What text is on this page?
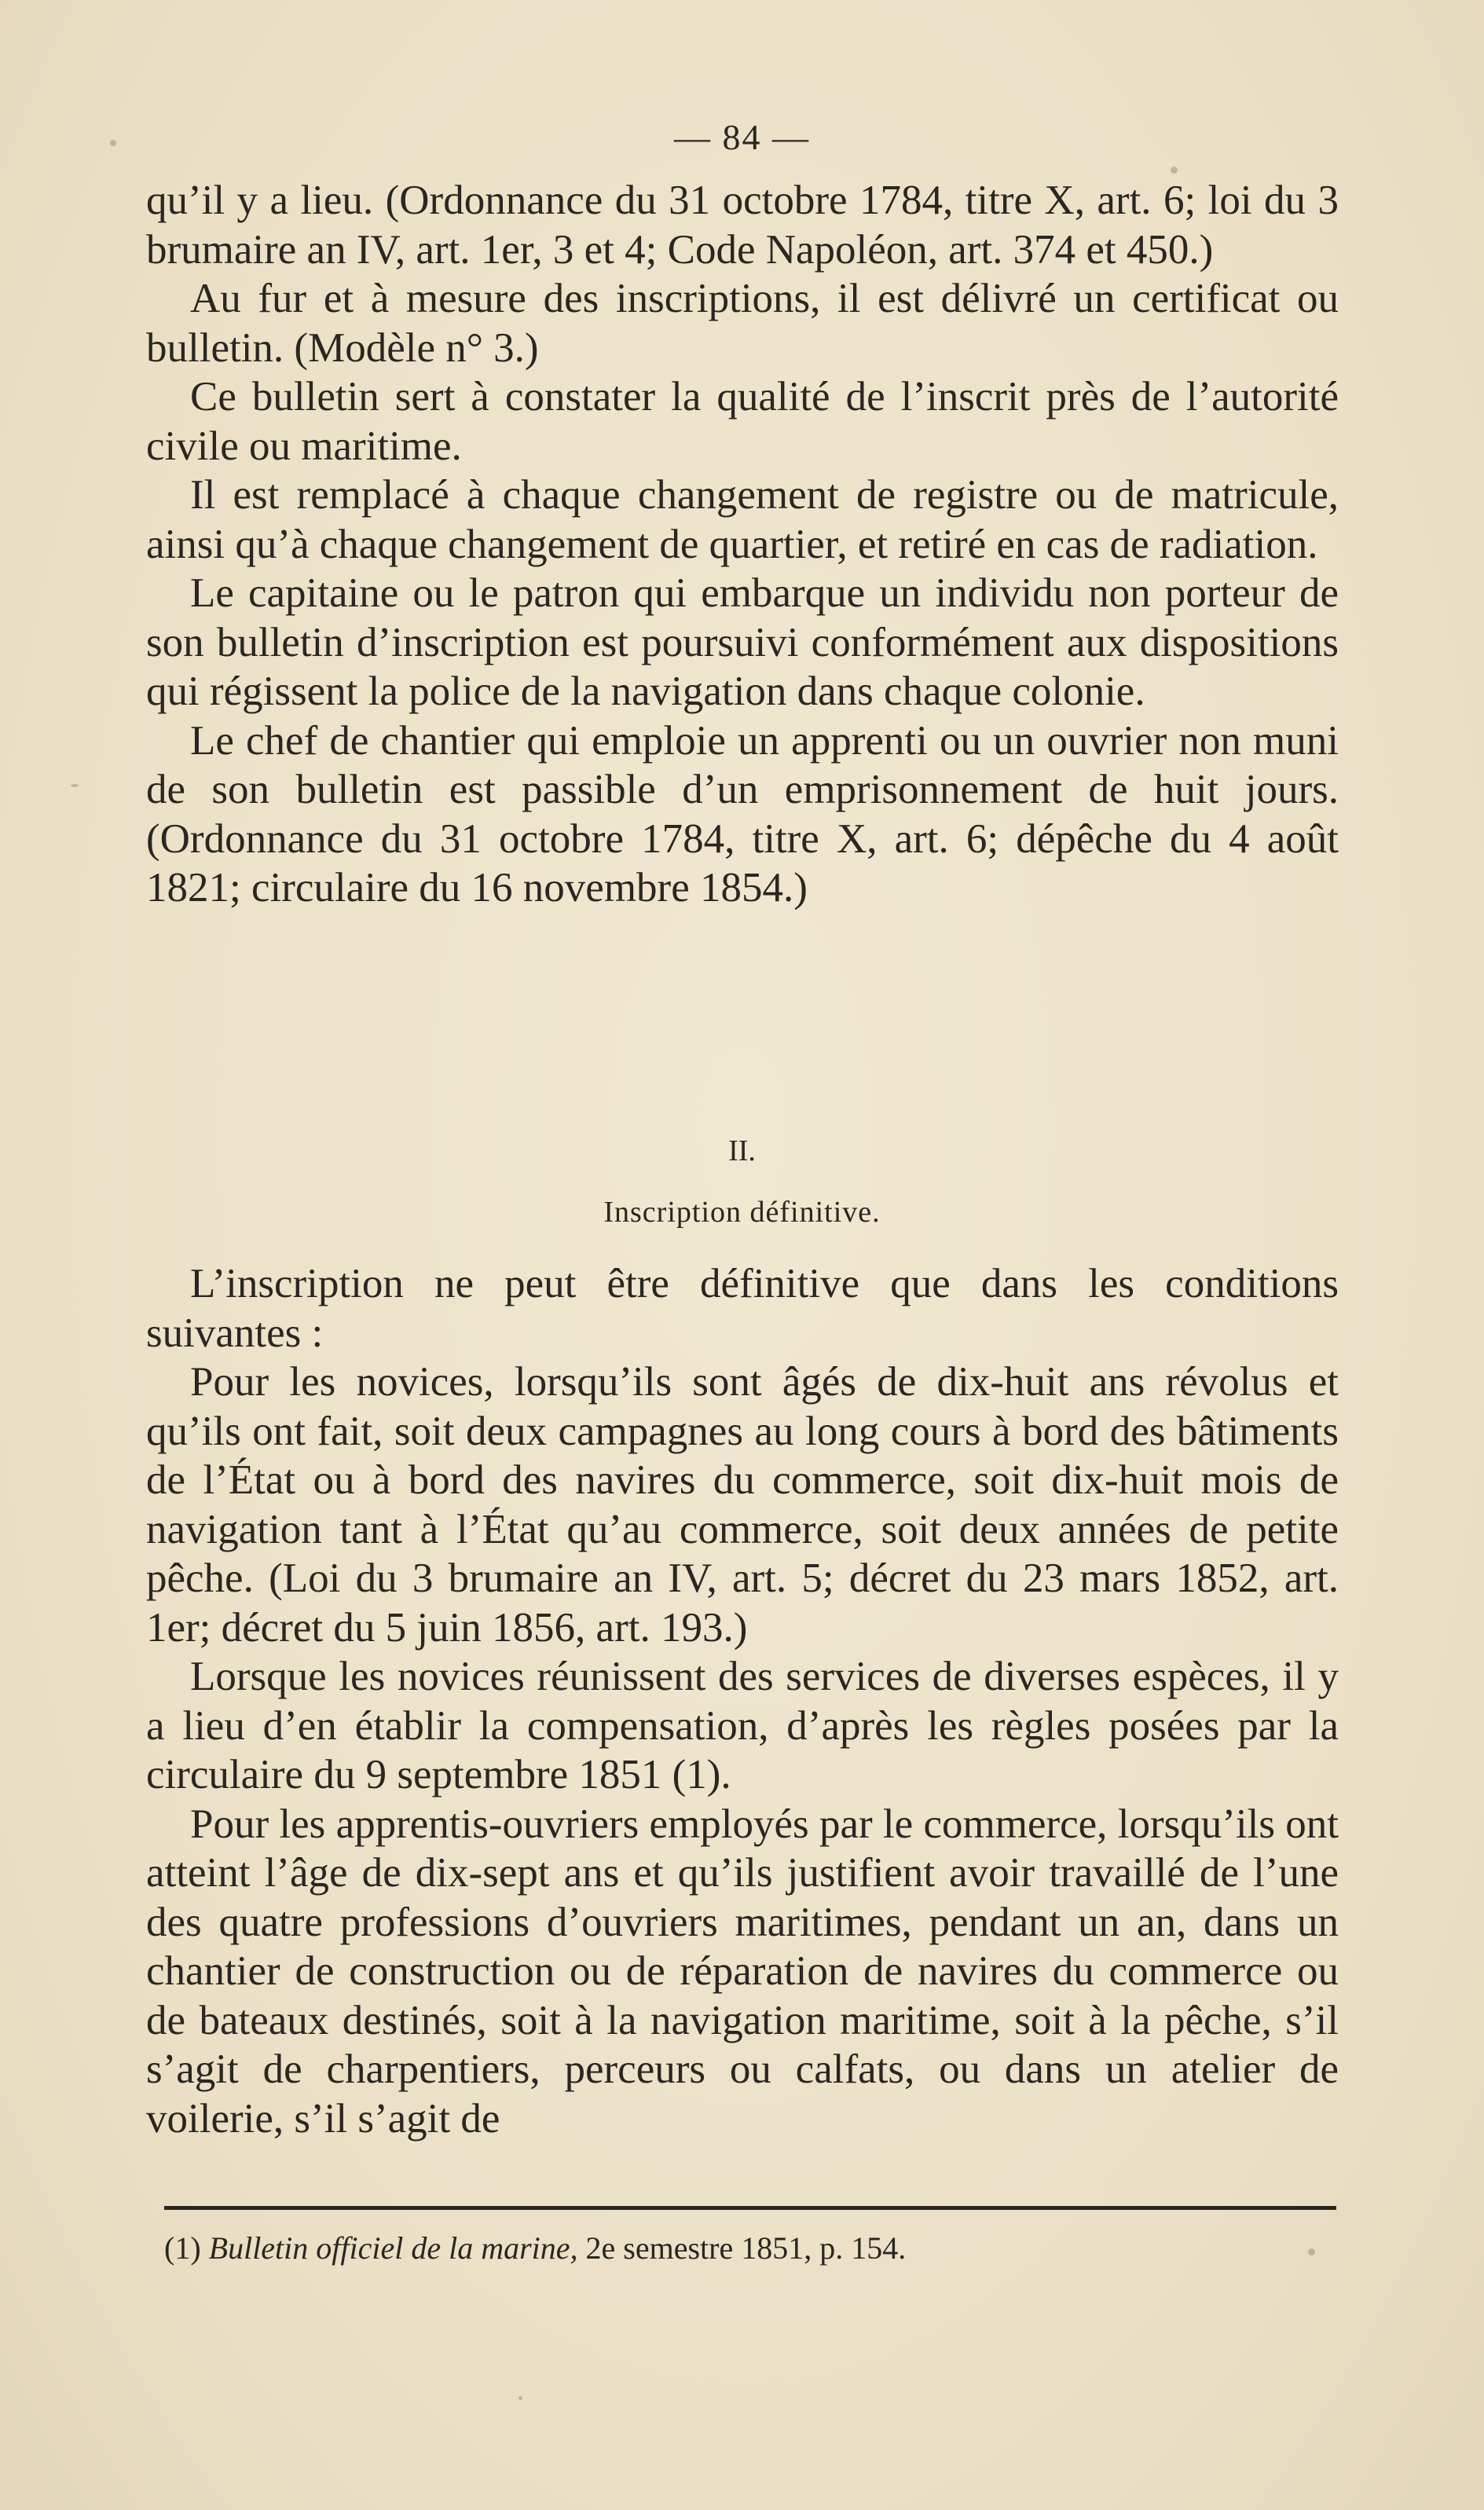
— 84 —

qu’il y a lieu. (Ordonnance du 31 octobre 1784, titre X, art. 6; loi du 3 brumaire an IV, art. 1er, 3 et 4; Code Napoléon, art. 374 et 450.)

Au fur et à mesure des inscriptions, il est délivré un certificat ou bulletin. (Modèle n° 3.)

Ce bulletin sert à constater la qualité de l’inscrit près de l’autorité civile ou maritime.

Il est remplacé à chaque changement de registre ou de matricule, ainsi qu’à chaque changement de quartier, et retiré en cas de radiation.

Le capitaine ou le patron qui embarque un individu non porteur de son bulletin d’inscription est poursuivi conformément aux dispositions qui régissent la police de la navigation dans chaque colonie.

Le chef de chantier qui emploie un apprenti ou un ouvrier non muni de son bulletin est passible d’un emprisonnement de huit jours. (Ordonnance du 31 octobre 1784, titre X, art. 6; dépêche du 4 août 1821; circulaire du 16 novembre 1854.)

II.
Inscription définitive.

L’inscription ne peut être définitive que dans les conditions suivantes :

Pour les novices, lorsqu’ils sont âgés de dix-huit ans révolus et qu’ils ont fait, soit deux campagnes au long cours à bord des bâtiments de l’État ou à bord des navires du commerce, soit dix-huit mois de navigation tant à l’État qu’au commerce, soit deux années de petite pêche. (Loi du 3 brumaire an IV, art. 5; décret du 23 mars 1852, art. 1er; décret du 5 juin 1856, art. 193.)

Lorsque les novices réunissent des services de diverses espèces, il y a lieu d’en établir la compensation, d’après les règles posées par la circulaire du 9 septembre 1851 (1).

Pour les apprentis-ouvriers employés par le commerce, lorsqu’ils ont atteint l’âge de dix-sept ans et qu’ils justifient avoir travaillé de l’une des quatre professions d’ouvriers maritimes, pendant un an, dans un chantier de construction ou de réparation de navires du commerce ou de bateaux destinés, soit à la navigation maritime, soit à la pêche, s’il s’agit de charpentiers, perceurs ou calfats, ou dans un atelier de voilerie, s’il s’agit de

(1) Bulletin officiel de la marine, 2e semestre 1851, p. 154.
